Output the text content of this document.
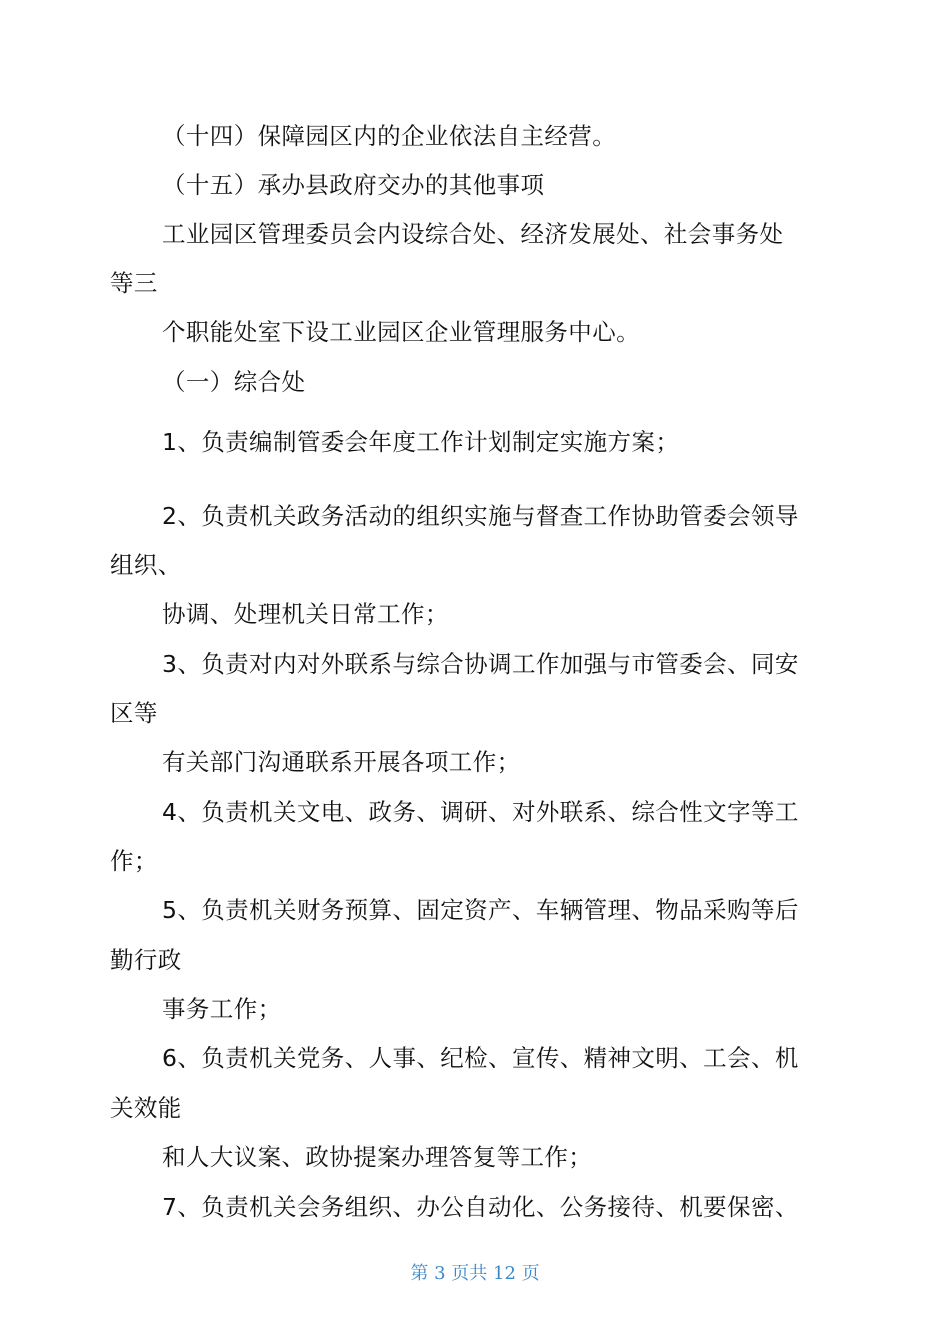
（十四）保障园区内的企业依法自主经营。
（十五）承办县政府交办的其他事项
工业园区管理委员会内设综合处、经济发展处、社会事务处
等三
个职能处室下设工业园区企业管理服务中心。
（一）综合处
1、负责编制管委会年度工作计划制定实施方案；
2、负责机关政务活动的组织实施与督查工作协助管委会领导
组织、
协调、处理机关日常工作；
3、负责对内对外联系与综合协调工作加强与市管委会、同安
区等
有关部门沟通联系开展各项工作；
4、负责机关文电、政务、调研、对外联系、综合性文字等工
作；
5、负责机关财务预算、固定资产、车辆管理、物品采购等后
勤行政
事务工作；
6、负责机关党务、人事、纪检、宣传、精神文明、工会、机
关效能
和人大议案、政协提案办理答复等工作；
7、负责机关会务组织、办公自动化、公务接待、机要保密、
第 3 页共 12 页
